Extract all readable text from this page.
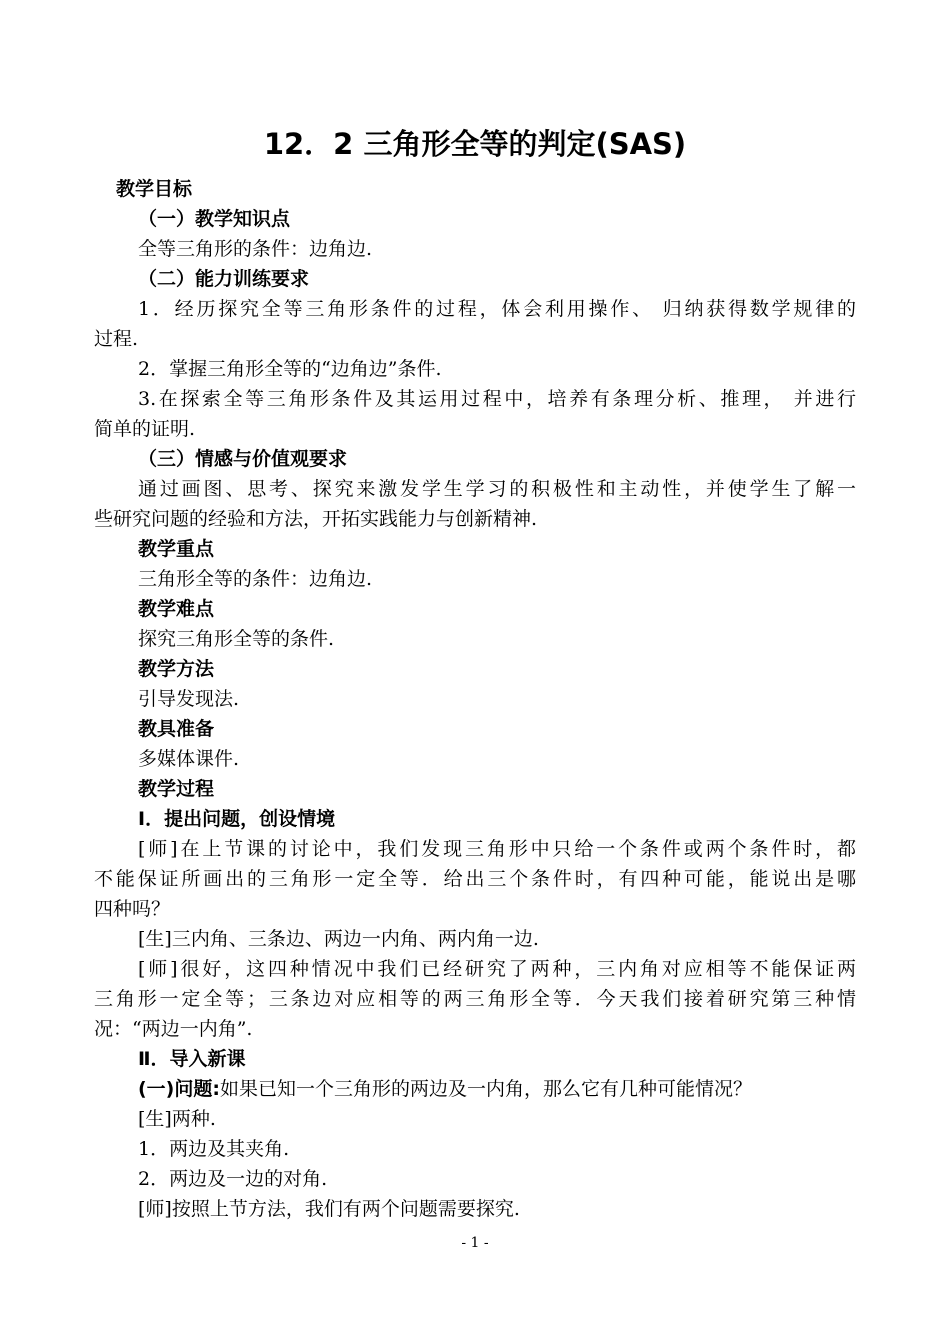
12．2 三角形全等的判定(SAS)
教学目标
（一）教学知识点
全等三角形的条件：边角边.
（二）能力训练要求
1．经历探究全等三角形条件的过程，体会利用操作、 归纳获得数学规律的
过程.
2．掌握三角形全等的“边角边”条件.
3.在探索全等三角形条件及其运用过程中，培养有条理分析、推理， 并进行
简单的证明.
（三）情感与价值观要求
通过画图、思考、探究来激发学生学习的积极性和主动性，并使学生了解一
些研究问题的经验和方法，开拓实践能力与创新精神.
教学重点
三角形全等的条件：边角边.
教学难点
探究三角形全等的条件.
教学方法
引导发现法.
教具准备
多媒体课件.
教学过程
Ⅰ．提出问题，创设情境
[师]在上节课的讨论中，我们发现三角形中只给一个条件或两个条件时，都
不能保证所画出的三角形一定全等．给出三个条件时，有四种可能，能说出是哪
四种吗？
[生]三内角、三条边、两边一内角、两内角一边.
[师]很好，这四种情况中我们已经研究了两种，三内角对应相等不能保证两
三角形一定全等；三条边对应相等的两三角形全等．今天我们接着研究第三种情
况：“两边一内角”.
Ⅱ．导入新课
(一)问题:如果已知一个三角形的两边及一内角，那么它有几种可能情况？
[生]两种.
1．两边及其夹角.
2．两边及一边的对角.
[师]按照上节方法，我们有两个问题需要探究.
- 1 -
